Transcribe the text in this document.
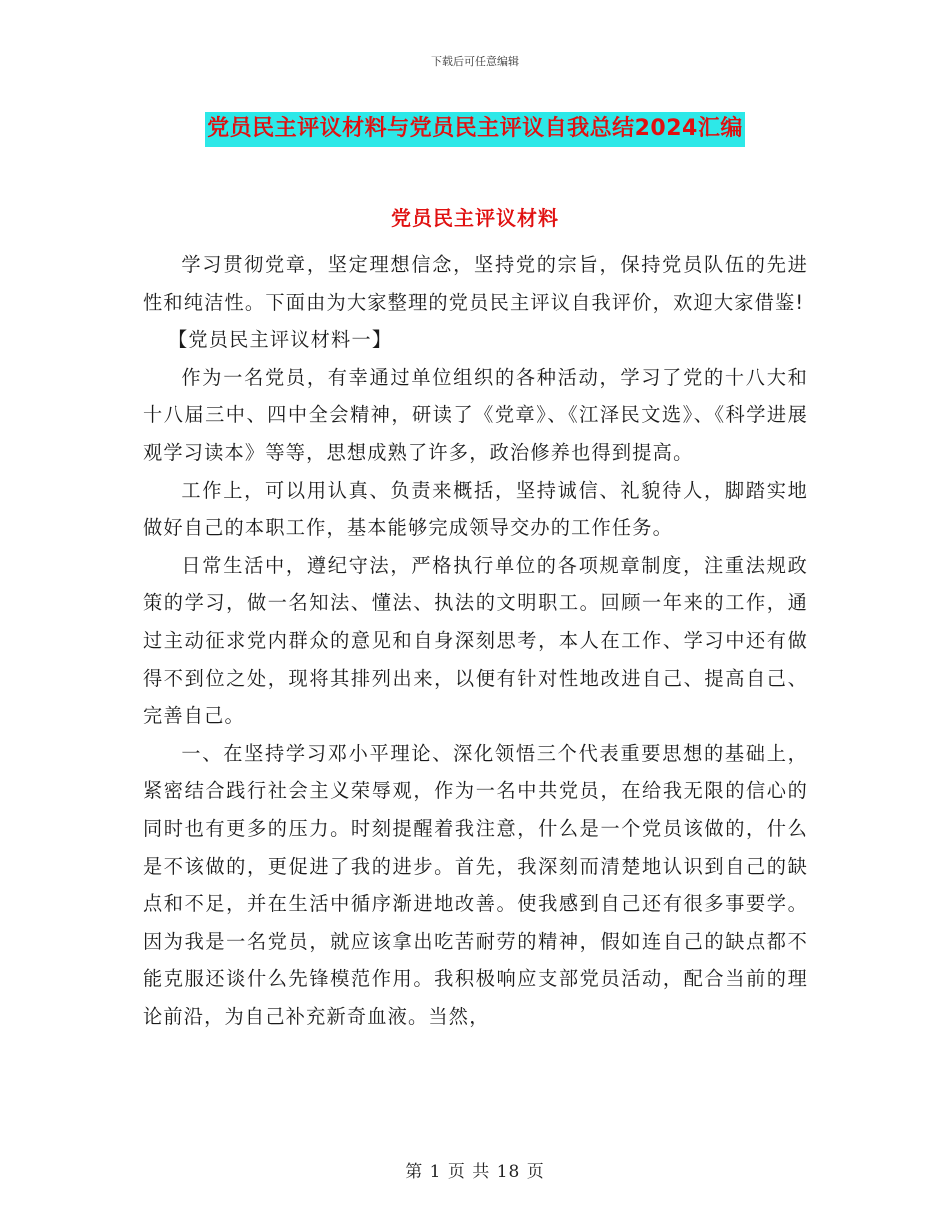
下载后可任意编辑
党员民主评议材料与党员民主评议自我总结2024汇编
党员民主评议材料

学习贯彻党章，坚定理想信念，坚持党的宗旨，保持党员队伍的先进性和纯洁性。下面由为大家整理的党员民主评议自我评价，欢迎大家借鉴!

【党员民主评议材料一】

作为一名党员，有幸通过单位组织的各种活动，学习了党的十八大和十八届三中、四中全会精神，研读了《党章》、《江泽民文选》、《科学进展观学习读本》等等，思想成熟了许多，政治修养也得到提高。

工作上，可以用认真、负责来概括，坚持诚信、礼貌待人，脚踏实地做好自己的本职工作，基本能够完成领导交办的工作任务。

日常生活中，遵纪守法，严格执行单位的各项规章制度，注重法规政策的学习，做一名知法、懂法、执法的文明职工。回顾一年来的工作，通过主动征求党内群众的意见和自身深刻思考，本人在工作、学习中还有做得不到位之处，现将其排列出来，以便有针对性地改进自己、提高自己、完善自己。

一、在坚持学习邓小平理论、深化领悟三个代表重要思想的基础上，紧密结合践行社会主义荣辱观，作为一名中共党员，在给我无限的信心的同时也有更多的压力。时刻提醒着我注意，什么是一个党员该做的，什么是不该做的，更促进了我的进步。首先，我深刻而清楚地认识到自己的缺点和不足，并在生活中循序渐进地改善。使我感到自己还有很多事要学。因为我是一名党员，就应该拿出吃苦耐劳的精神，假如连自己的缺点都不能克服还谈什么先锋模范作用。我积极响应支部党员活动，配合当前的理论前沿，为自己补充新奇血液。当然，

第 1 页 共 18 页
